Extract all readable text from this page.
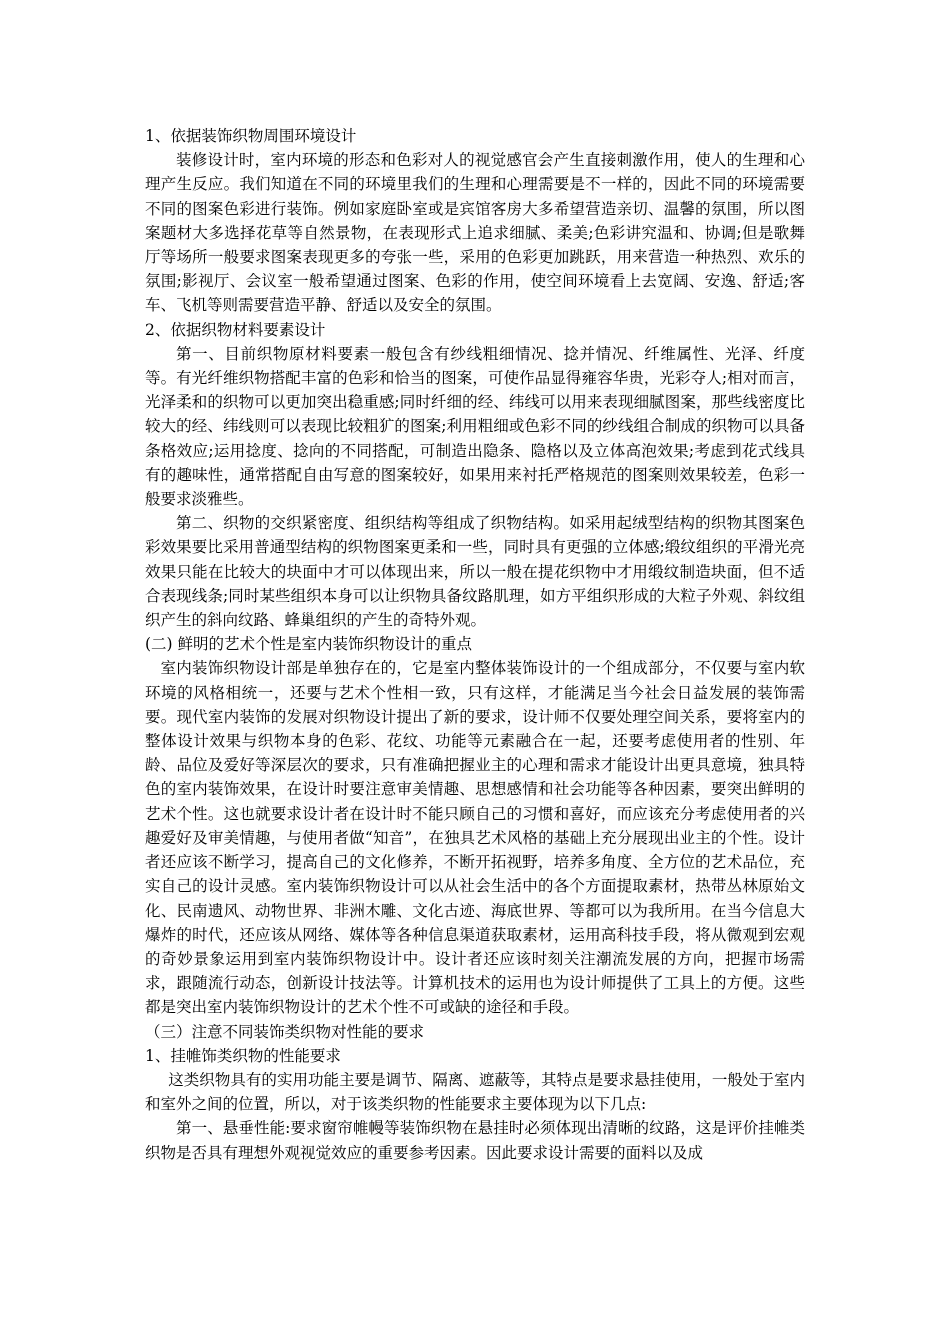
1、依据装饰织物周围环境设计

装修设计时，室内环境的形态和色彩对人的视觉感官会产生直接刺激作用，使人的生理和心理产生反应。我们知道在不同的环境里我们的生理和心理需要是不一样的，因此不同的环境需要不同的图案色彩进行装饰。例如家庭卧室或是宾馆客房大多希望营造亲切、温馨的氛围，所以图案题材大多选择花草等自然景物，在表现形式上追求细腻、柔美;色彩讲究温和、协调;但是歌舞厅等场所一般要求图案表现更多的夸张一些，采用的色彩更加跳跃，用来营造一种热烈、欢乐的氛围;影视厅、会议室一般希望通过图案、色彩的作用，使空间环境看上去宽阔、安逸、舒适;客车、飞机等则需要营造平静、舒适以及安全的氛围。

2、依据织物材料要素设计

第一、目前织物原材料要素一般包含有纱线粗细情况、捻并情况、纤维属性、光泽、纤度等。有光纤维织物搭配丰富的色彩和恰当的图案，可使作品显得雍容华贵，光彩夺人;相对而言，光泽柔和的织物可以更加突出稳重感;同时纤细的经、纬线可以用来表现细腻图案，那些线密度比较大的经、纬线则可以表现比较粗犷的图案;利用粗细或色彩不同的纱线组合制成的织物可以具备条格效应;运用捻度、捻向的不同搭配，可制造出隐条、隐格以及立体高泡效果;考虑到花式线具有的趣味性，通常搭配自由写意的图案较好，如果用来衬托严格规范的图案则效果较差，色彩一般要求淡雅些。

第二、织物的交织紧密度、组织结构等组成了织物结构。如采用起绒型结构的织物其图案色彩效果要比采用普通型结构的织物图案更柔和一些，同时具有更强的立体感;缎纹组织的平滑光亮效果只能在比较大的块面中才可以体现出来，所以一般在提花织物中才用缎纹制造块面，但不适合表现线条;同时某些组织本身可以让织物具备纹路肌理，如方平组织形成的大粒子外观、斜纹组织产生的斜向纹路、蜂巢组织的产生的奇特外观。

(二) 鲜明的艺术个性是室内装饰织物设计的重点

室内装饰织物设计部是单独存在的，它是室内整体装饰设计的一个组成部分，不仅要与室内软环境的风格相统一，还要与艺术个性相一致，只有这样，才能满足当今社会日益发展的装饰需要。现代室内装饰的发展对织物设计提出了新的要求，设计师不仅要处理空间关系，要将室内的整体设计效果与织物本身的色彩、花纹、功能等元素融合在一起，还要考虑使用者的性别、年龄、品位及爱好等深层次的要求，只有准确把握业主的心理和需求才能设计出更具意境，独具特色的室内装饰效果，在设计时要注意审美情趣、思想感情和社会功能等各种因素，要突出鲜明的艺术个性。这也就要求设计者在设计时不能只顾自己的习惯和喜好，而应该充分考虑使用者的兴趣爱好及审美情趣，与使用者做“知音”，在独具艺术风格的基础上充分展现出业主的个性。设计者还应该不断学习，提高自己的文化修养，不断开拓视野，培养多角度、全方位的艺术品位，充实自己的设计灵感。室内装饰织物设计可以从社会生活中的各个方面提取素材，热带丛林原始文化、民南遗风、动物世界、非洲木雕、文化古迹、海底世界、等都可以为我所用。在当今信息大爆炸的时代，还应该从网络、媒体等各种信息渠道获取素材，运用高科技手段，将从微观到宏观的奇妙景象运用到室内装饰织物设计中。设计者还应该时刻关注潮流发展的方向，把握市场需求，跟随流行动态，创新设计技法等。计算机技术的运用也为设计师提供了工具上的方便。这些都是突出室内装饰织物设计的艺术个性不可或缺的途径和手段。

（三）注意不同装饰类织物对性能的要求

1、挂帷饰类织物的性能要求

这类织物具有的实用功能主要是调节、隔离、遮蔽等，其特点是要求悬挂使用，一般处于室内和室外之间的位置，所以，对于该类织物的性能要求主要体现为以下几点:

第一、悬垂性能:要求窗帘帷幔等装饰织物在悬挂时必须体现出清晰的纹路，这是评价挂帷类织物是否具有理想外观视觉效应的重要参考因素。因此要求设计需要的面料以及成
